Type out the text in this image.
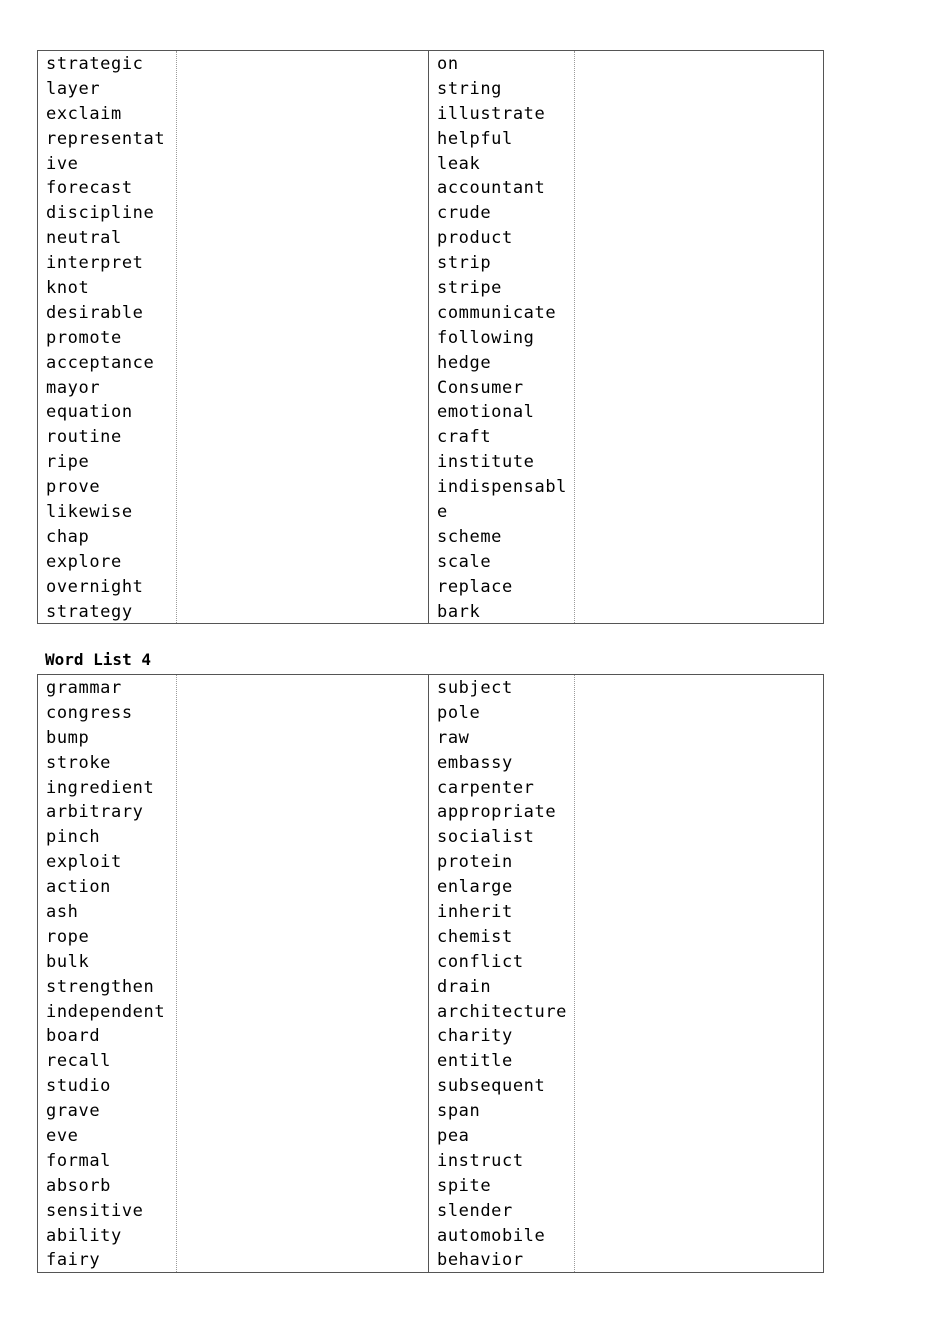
strategic
layer
exclaim
representat
ive
forecast
discipline
neutral
interpret
knot
desirable
promote
acceptance
mayor
equation
routine
ripe
prove
likewise
chap
explore
overnight
strategy
on
string
illustrate
helpful
leak
accountant
crude
product
strip
stripe
communicate
following
hedge
Consumer
emotional
craft
institute
indispensabl
e
scheme
scale
replace
bark
Word List 4
grammar
congress
bump
stroke
ingredient
arbitrary
pinch
exploit
action
ash
rope
bulk
strengthen
independent
board
recall
studio
grave
eve
formal
absorb
sensitive
ability
fairy
subject
pole
raw
embassy
carpenter
appropriate
socialist
protein
enlarge
inherit
chemist
conflict
drain
architecture
charity
entitle
subsequent
span
pea
instruct
spite
slender
automobile
behavior
